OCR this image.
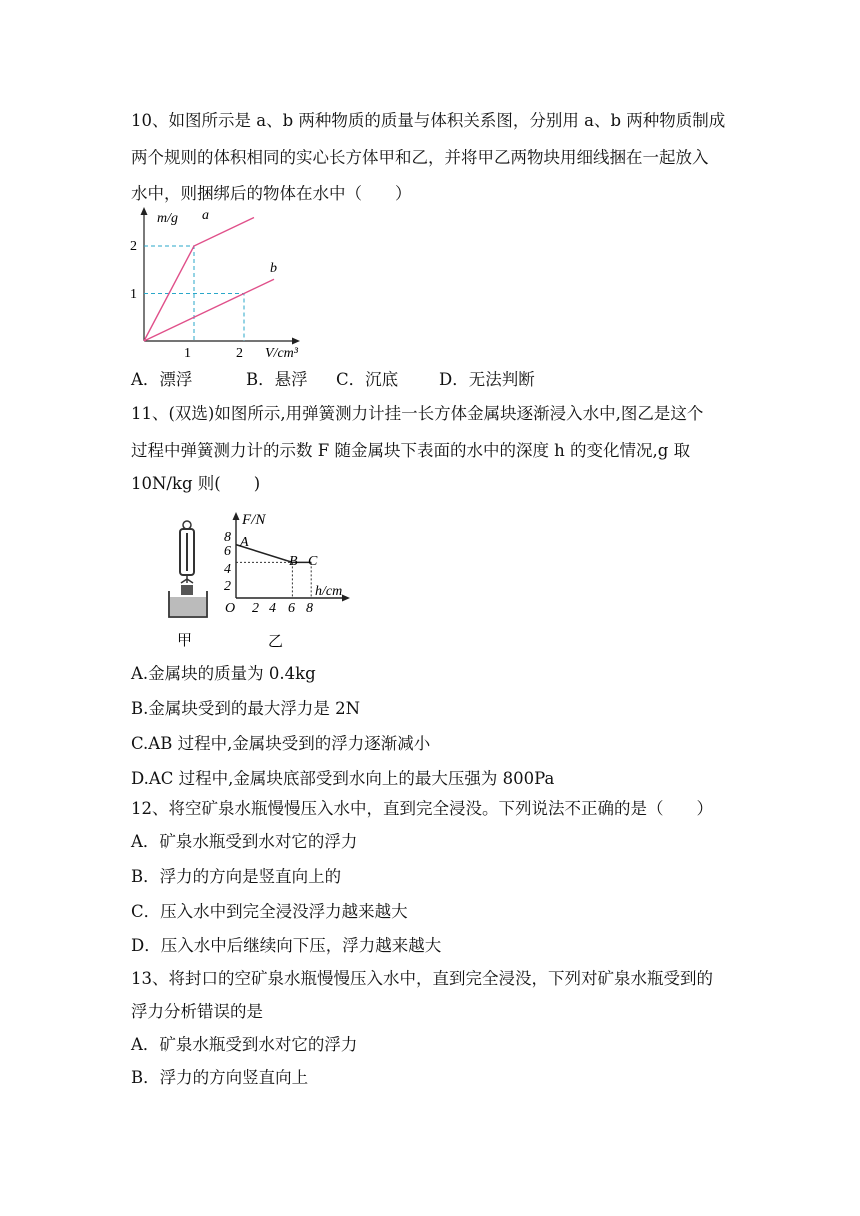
10、如图所示是 a、b 两种物质的质量与体积关系图，分别用 a、b 两种物质制成
两个规则的体积相同的实心长方体甲和乙，并将甲乙两物块用细线捆在一起放入
水中，则捆绑后的物体在水中（　　）
m/g a
b
2
1
1	2 V/cm³
A．漂浮	B．悬浮 C．沉底 D．无法判断
11、(双选)如图所示,用弹簧测力计挂一长方体金属块逐渐浸入水中,图乙是这个
过程中弹簧测力计的示数 F 随金属块下表面的水中的深度 h 的变化情况,g 取
10N/kg 则(　　)
甲
F/N
8
6
4
2
O
A
B C
2 4 6 8
h/cm
乙
A.金属块的质量为 0.4kg
B.金属块受到的最大浮力是 2N
C.AB 过程中,金属块受到的浮力逐渐减小
D.AC 过程中,金属块底部受到水向上的最大压强为 800Pa
12、将空矿泉水瓶慢慢压入水中，直到完全浸没。下列说法不正确的是（　　）
A．矿泉水瓶受到水对它的浮力
B．浮力的方向是竖直向上的
C．压入水中到完全浸没浮力越来越大
D．压入水中后继续向下压，浮力越来越大
13、将封口的空矿泉水瓶慢慢压入水中，直到完全浸没，下列对矿泉水瓶受到的
浮力分析错误的是
A．矿泉水瓶受到水对它的浮力
B．浮力的方向竖直向上
